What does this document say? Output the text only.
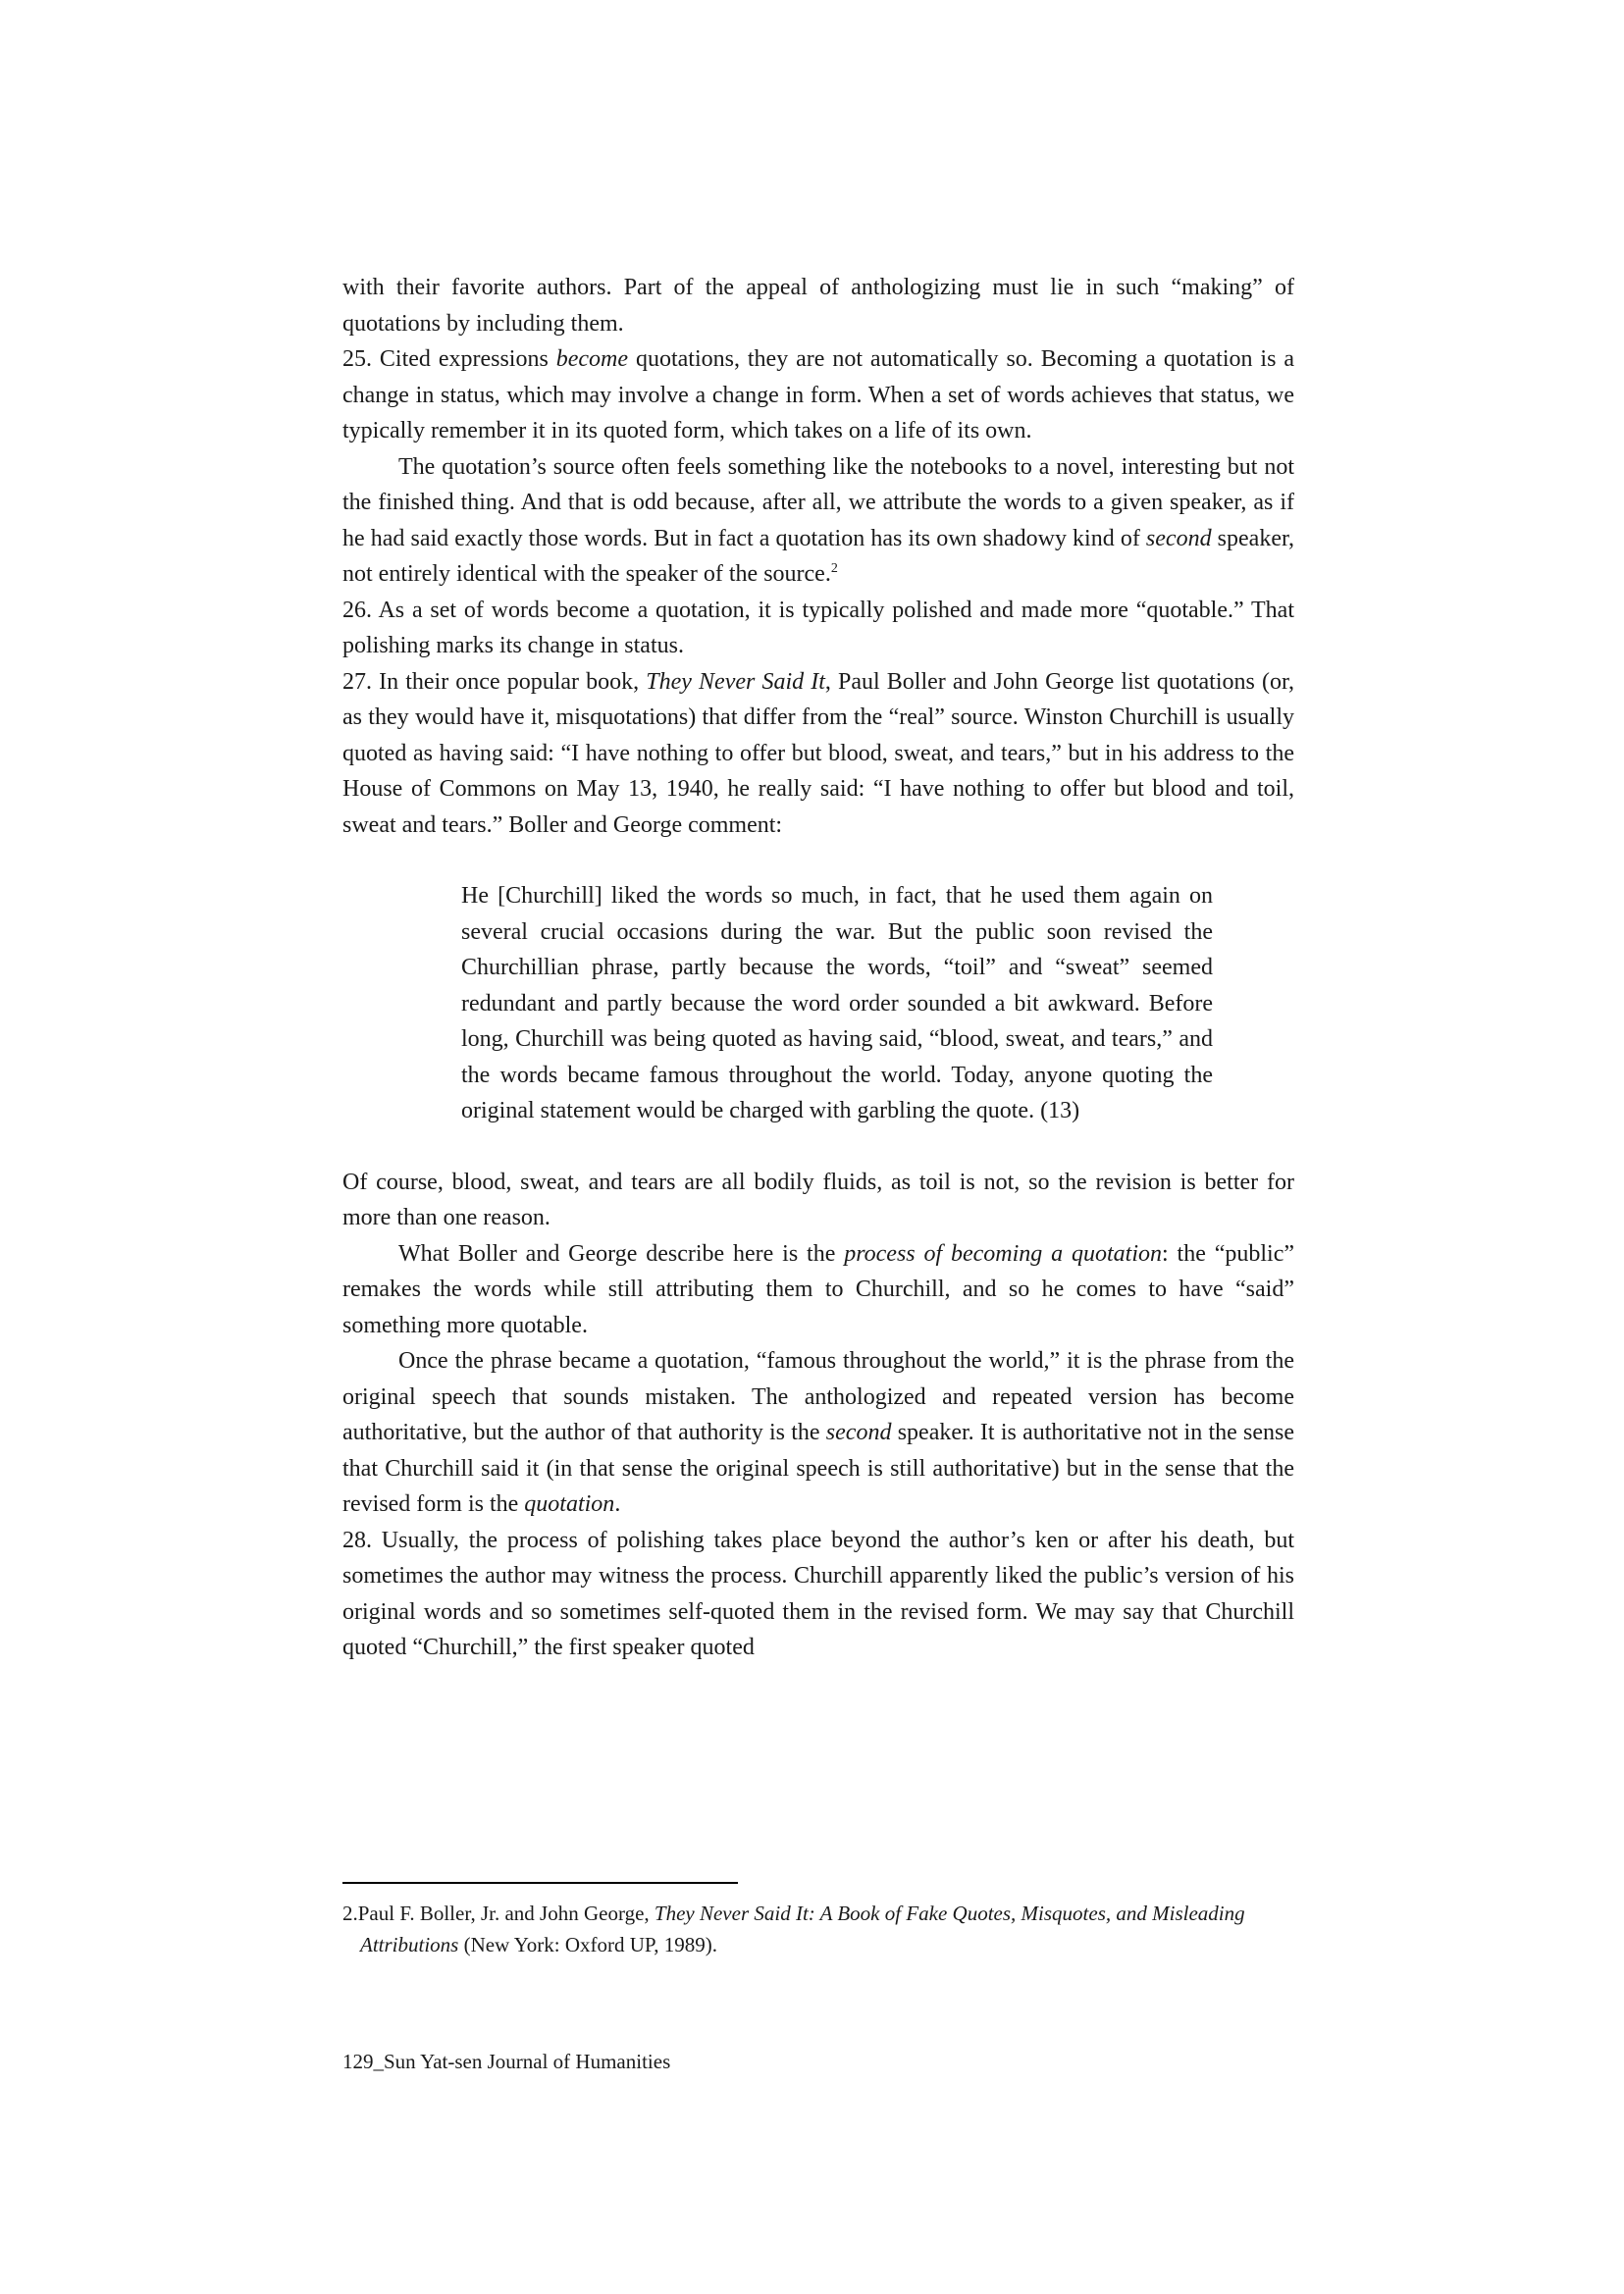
with their favorite authors. Part of the appeal of anthologizing must lie in such “making” of quotations by including them.

25. Cited expressions become quotations, they are not automatically so. Becoming a quotation is a change in status, which may involve a change in form. When a set of words achieves that status, we typically remember it in its quoted form, which takes on a life of its own.

The quotation’s source often feels something like the notebooks to a novel, interesting but not the finished thing. And that is odd because, after all, we attribute the words to a given speaker, as if he had said exactly those words. But in fact a quotation has its own shadowy kind of second speaker, not entirely identical with the speaker of the source.$^2$

26. As a set of words become a quotation, it is typically polished and made more “quotable.” That polishing marks its change in status.

27. In their once popular book, They Never Said It, Paul Boller and John George list quotations (or, as they would have it, misquotations) that differ from the “real” source. Winston Churchill is usually quoted as having said: “I have nothing to offer but blood, sweat, and tears,” but in his address to the House of Commons on May 13, 1940, he really said: “I have nothing to offer but blood and toil, sweat and tears.” Boller and George comment:

He [Churchill] liked the words so much, in fact, that he used them again on several crucial occasions during the war. But the public soon revised the Churchillian phrase, partly because the words, “toil” and “sweat” seemed redundant and partly because the word order sounded a bit awkward. Before long, Churchill was being quoted as having said, “blood, sweat, and tears,” and the words became famous throughout the world. Today, anyone quoting the original statement would be charged with garbling the quote. (13)

Of course, blood, sweat, and tears are all bodily fluids, as toil is not, so the revision is better for more than one reason.

What Boller and George describe here is the process of becoming a quotation: the “public” remakes the words while still attributing them to Churchill, and so he comes to have “said” something more quotable.

Once the phrase became a quotation, “famous throughout the world,” it is the phrase from the original speech that sounds mistaken. The anthologized and repeated version has become authoritative, but the author of that authority is the second speaker. It is authoritative not in the sense that Churchill said it (in that sense the original speech is still authoritative) but in the sense that the revised form is the quotation.

28. Usually, the process of polishing takes place beyond the author’s ken or after his death, but sometimes the author may witness the process. Churchill apparently liked the public’s version of his original words and so sometimes self-quoted them in the revised form. We may say that Churchill quoted “Churchill,” the first speaker quoted

2.Paul F. Boller, Jr. and John George, They Never Said It: A Book of Fake Quotes, Misquotes, and Misleading Attributions (New York: Oxford UP, 1989).
129_Sun Yat-sen Journal of Humanities
